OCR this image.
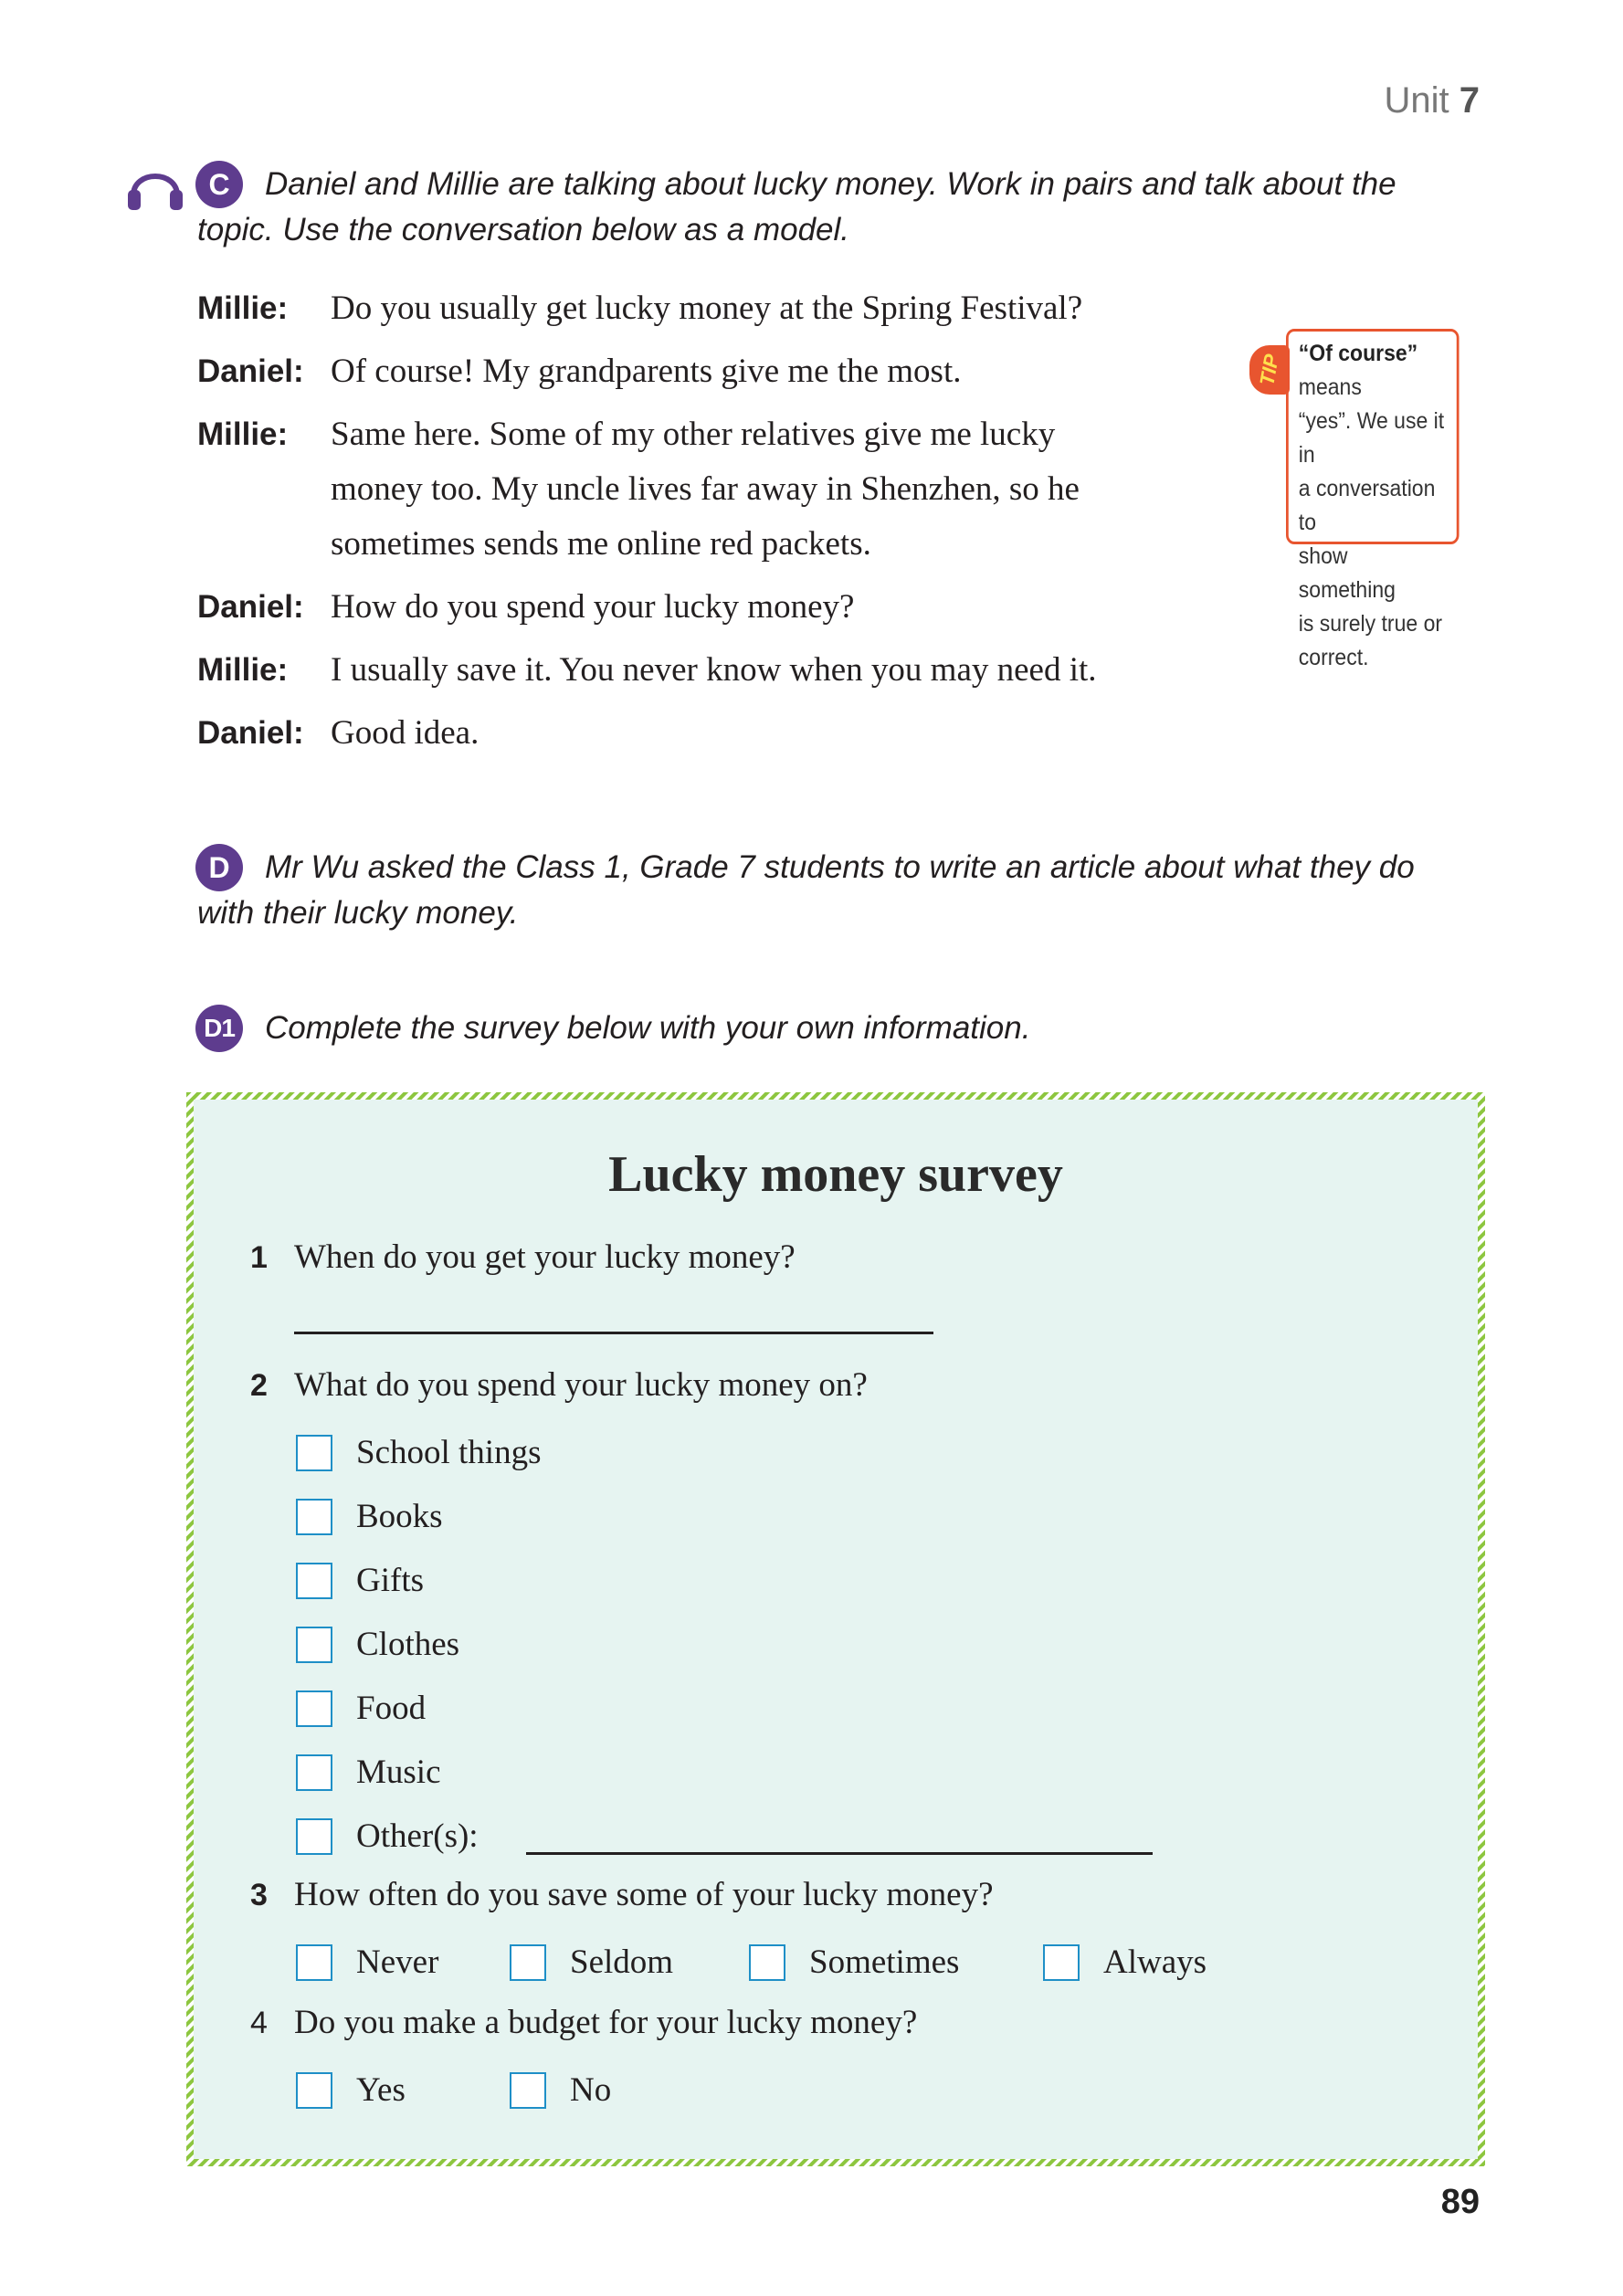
Unit 7
C	Daniel and Millie are talking about lucky money. Work in pairs and talk about the
topic. Use the conversation below as a model.
Millie:	Do you usually get lucky money at the Spring Festival?
Daniel: Of course! My grandparents give me the most.
Millie:	Same here. Some of my other relatives give me lucky
money too. My uncle lives far away in Shenzhen, so he
sometimes sends me online red packets.
Daniel: How do you spend your lucky money?
Millie:	I usually save it. You never know when you may need it.
Daniel: Good idea.
TIP “Of course” means
“yes”. We use it in
a conversation to
show something
is surely true or
correct.
D	Mr Wu asked the Class 1, Grade 7 students to write an article about what they do
with their lucky money.
D1 Complete the survey below with your own information.
Lucky money survey
1 When do you get your lucky money?
2 What do you spend your lucky money on?
School things
Books
Gifts
Clothes
Food
Music
Other(s):
3 How often do you save some of your lucky money?
Never	Seldom	Sometimes	Always
4 Do you make a budget for your lucky money?
Yes	No
89
